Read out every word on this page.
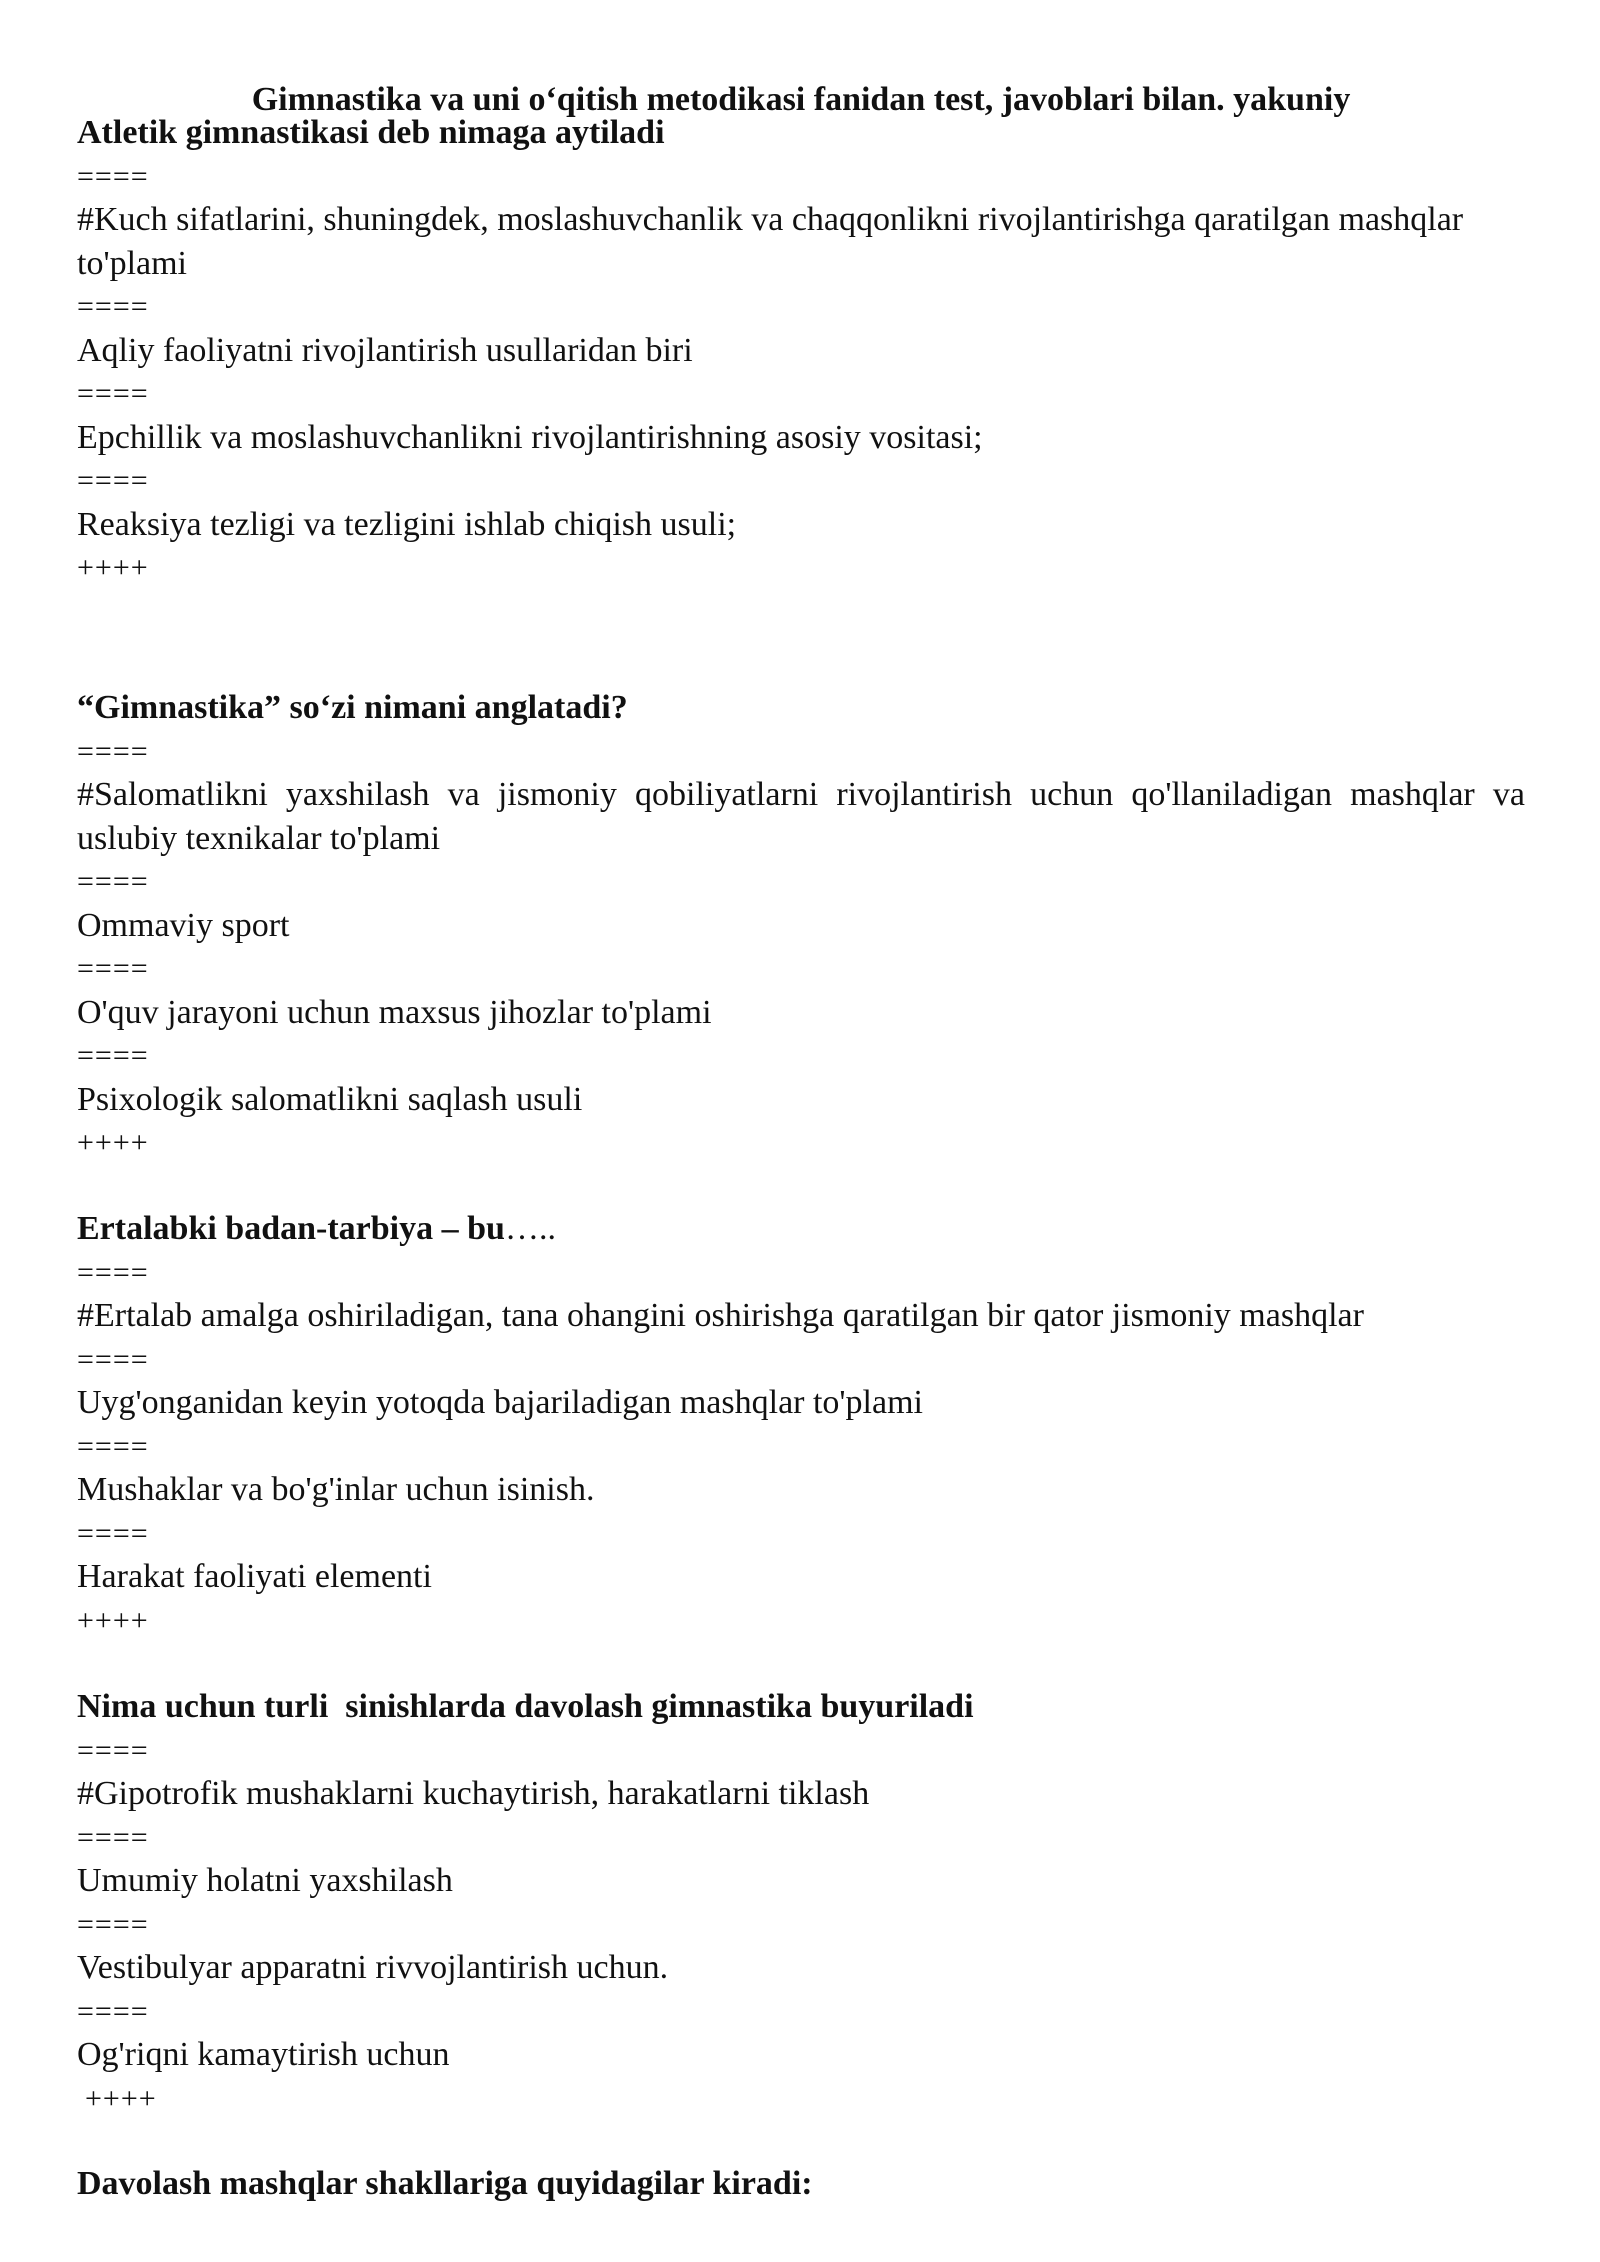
Gimnastika va uni o‘qitish metodikasi fanidan test, javoblari bilan. yakuniy
Atletik gimnastikasi deb nimaga aytiladi
====
#Kuch sifatlarini, shuningdek, moslashuvchanlik va chaqqonlikni rivojlantirishga qaratilgan mashqlar to'plami
====
Aqliy faoliyatni rivojlantirish usullaridan biri
====
Epchillik va moslashuvchanlikni rivojlantirishning asosiy vositasi;
====
Reaksiya tezligi va tezligini ishlab chiqish usuli;
++++
“Gimnastika” so‘zi nimani anglatadi?
====
#Salomatlikni yaxshilash va jismoniy qobiliyatlarni rivojlantirish uchun qo'llaniladigan mashqlar va uslubiy texnikalar to'plami
====
Ommaviy sport
====
O'quv jarayoni uchun maxsus jihozlar to'plami
====
Psixologik salomatlikni saqlash usuli
++++
Ertalabki badan-tarbiya – bu…..
====
#Ertalab amalga oshiriladigan, tana ohangini oshirishga qaratilgan bir qator jismoniy mashqlar
====
Uyg'onganidan keyin yotoqda bajariladigan mashqlar to'plami
====
Mushaklar va bo'g'inlar uchun isinish.
====
Harakat faoliyati elementi
++++
Nima uchun turli  sinishlarda davolash gimnastika buyuriladi
====
#Gipotrofik mushaklarni kuchaytirish, harakatlarni tiklash
====
Umumiy holatni yaxshilash
====
Vestibulyar apparatni rivvojlantirish uchun.
====
Og'riqni kamaytirish uchun
++++
Davolash mashqlar shakllariga quyidagilar kiradi:
